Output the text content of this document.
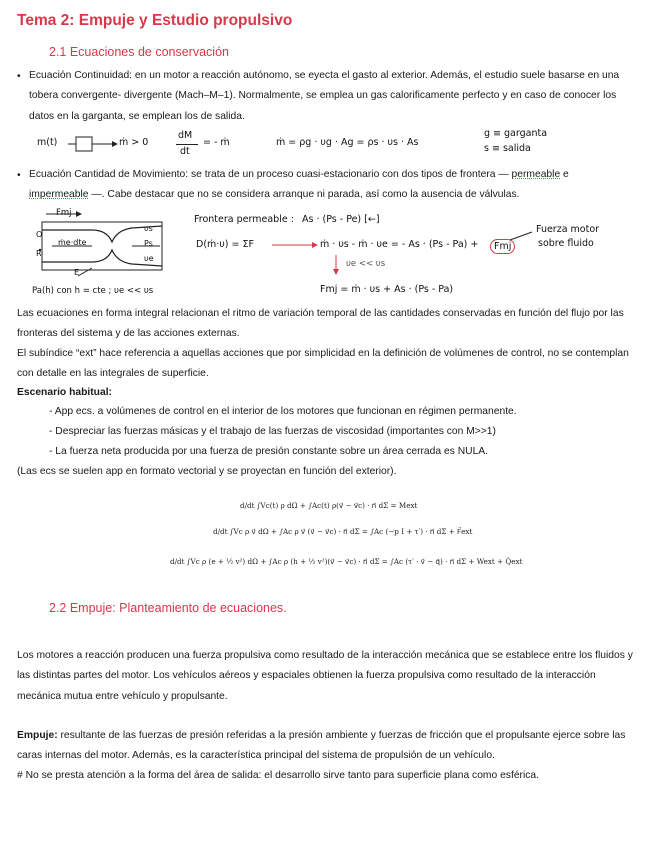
Tema 2: Empuje y Estudio propulsivo
2.1 Ecuaciones de conservación
• Ecuación Continuidad: en un motor a reacción autónomo, se eyecta el gasto al exterior. Además, el estudio suele basarse en una tobera convergente- divergente (Mach–M–1). Normalmente, se emplea un gas calorificamente perfecto y en caso de conocer los datos en la garganta, se emplean los de salida.

m(t)	ṁ > 0
dM
dt
= - ṁ	ṁ = ρg · υg · Ag = ρs · υs · As
g ≡ garganta
s ≡ salida
• Ecuación Cantidad de Movimiento: se trata de un proceso cuasi-estacionario con dos tipos de frontera — permeable e impermeable —. Cabe destacar que no se considera arranque ni parada, así como la ausencia de válvulas.

Fmj
O
R
ṁe·dte
E
υs
Ps
υe
Pa(h) con h = cte ; υe << υs
Frontera permeable : As · (Ps - Pe) [←]
D(ṁ·υ) = ΣF	ṁ · υs - ṁ · υe = - As · (Ps - Pa) +	Fmj
Fuerza motor
sobre fluido
υe << υs
Fmj = ṁ · υs + As · (Ps - Pa)

Las ecuaciones en forma integral relacionan el ritmo de variación temporal de las cantidades conservadas en función del flujo por las fronteras del sistema y de las acciones externas.

El subíndice “ext” hace referencia a aquellas acciones que por simplicidad en la definición de volúmenes de control, no se contemplan con detalle en las integrales de superficie.

Escenario habitual:

- App ecs. a volúmenes de control en el interior de los motores que funcionan en régimen permanente.
- Despreciar las fuerzas másicas y el trabajo de las fuerzas de viscosidad (importantes con M>>1)
- La fuerza neta producida por una fuerza de presión constante sobre un área cerrada es NULA.

(Las ecs se suelen app en formato vectorial y se proyectan en función del exterior).

d/dt ∫Vc(t) ρ dΩ + ∫Ac(t) ρ(v⃗ − v⃗c) · n⃗ dΣ = Mext
d/dt ∫Vc ρ v⃗ dΩ + ∫Ac ρ v⃗ (v⃗ − v⃗c) · n⃗ dΣ = ∫Ac (−p I + τ′) · n⃗ dΣ + F⃗ext
d/dt ∫Vc ρ (e + ½ v²) dΩ + ∫Ac ρ (h + ½ v²)(v⃗ − v⃗c) · n⃗ dΣ = ∫Ac (τ′ · v⃗ − q⃗) · n⃗ dΣ + Wext + Q̇ext
2.2 Empuje: Planteamiento de ecuaciones.

Los motores a reacción producen una fuerza propulsiva como resultado de la interacción mecánica que se establece entre los fluidos y las distintas partes del motor. Los vehículos aéreos y espaciales obtienen la fuerza propulsiva como resultado de la interacción mecánica mutua entre vehículo y propulsante.

Empuje: resultante de las fuerzas de presión referidas a la presión ambiente y fuerzas de fricción que el propulsante ejerce sobre las caras internas del motor. Además, es la característica principal del sistema de propulsión de un vehículo.

# No se presta atención a la forma del área de salida: el desarrollo sirve tanto para superficie plana como esférica.
